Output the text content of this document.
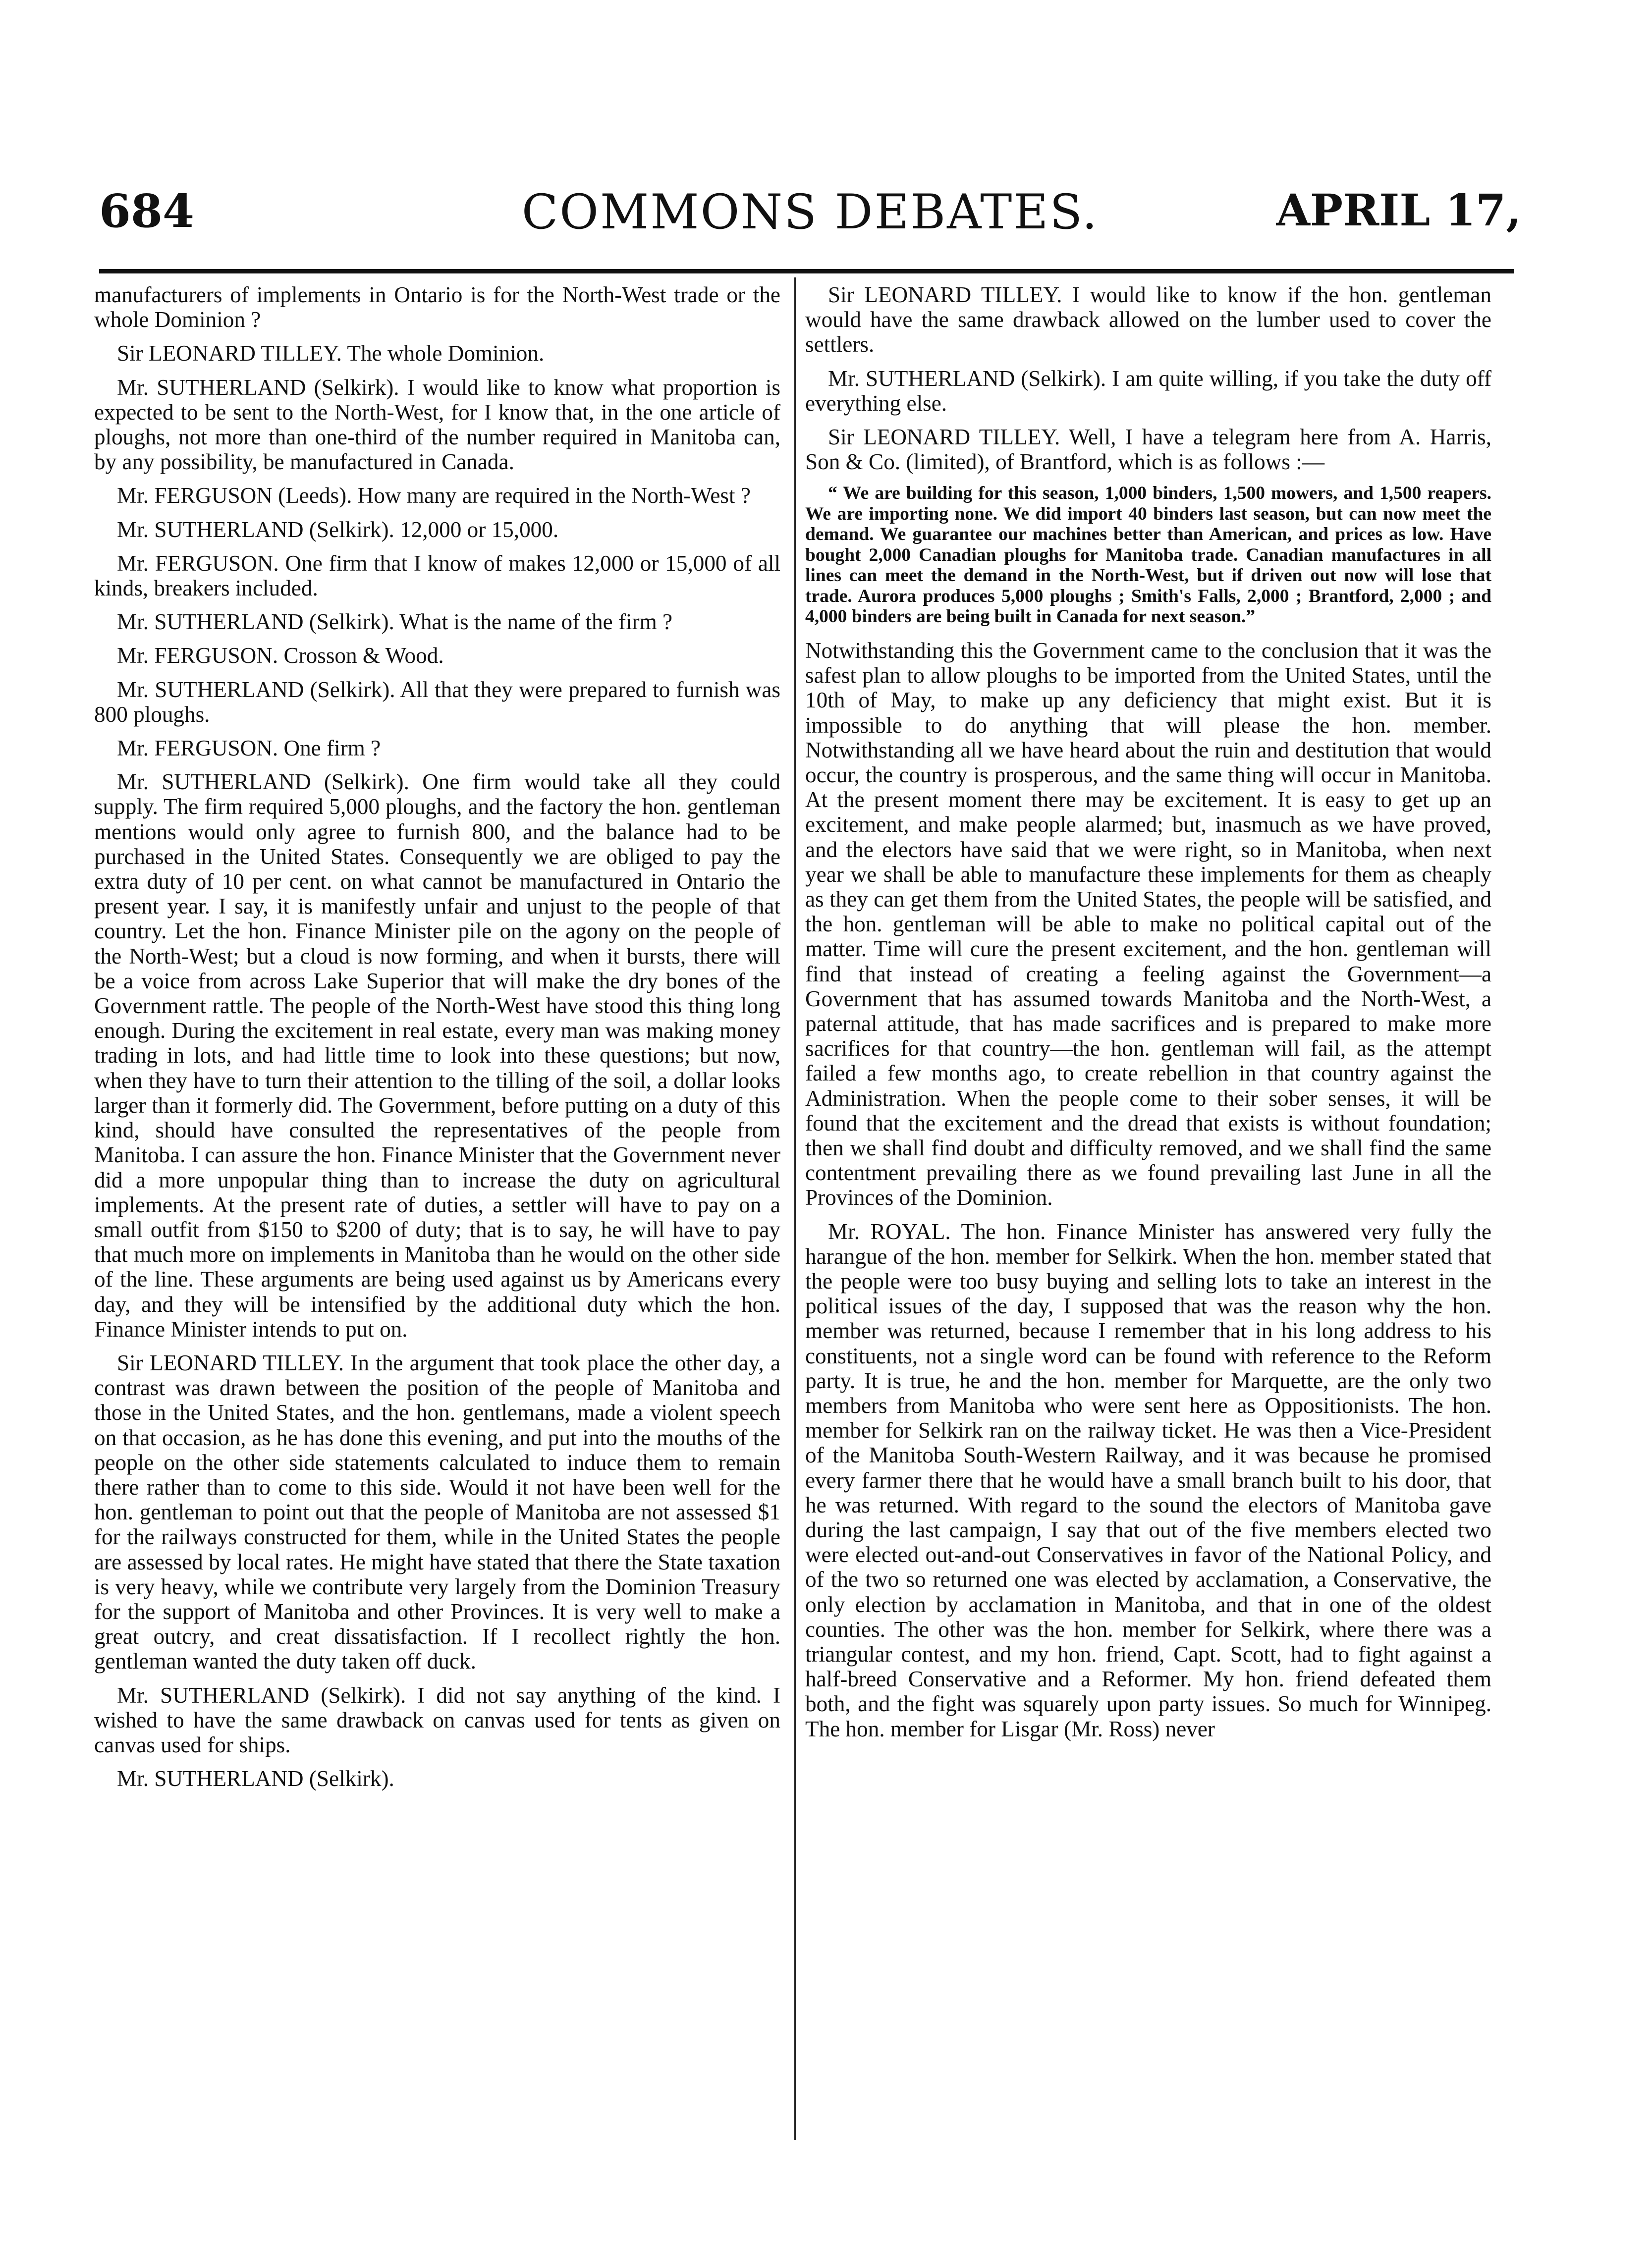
684	COMMONS DEBATES.	APRIL 17,

manufacturers of implements in Ontario is for the North-West trade or the whole Dominion ?

Sir LEONARD TILLEY. The whole Dominion.

Mr. SUTHERLAND (Selkirk). I would like to know what proportion is expected to be sent to the North-West, for I know that, in the one article of ploughs, not more than one-third of the number required in Manitoba can, by any possibility, be manufactured in Canada.

Mr. FERGUSON (Leeds). How many are required in the North-West ?

Mr. SUTHERLAND (Selkirk). 12,000 or 15,000.

Mr. FERGUSON. One firm that I know of makes 12,000 or 15,000 of all kinds, breakers included.

Mr. SUTHERLAND (Selkirk). What is the name of the firm ?

Mr. FERGUSON. Crosson & Wood.

Mr. SUTHERLAND (Selkirk). All that they were prepared to furnish was 800 ploughs.

Mr. FERGUSON. One firm ?

Mr. SUTHERLAND (Selkirk). One firm would take all they could supply. The firm required 5,000 ploughs, and the factory the hon. gentleman mentions would only agree to furnish 800, and the balance had to be purchased in the United States. Consequently we are obliged to pay the extra duty of 10 per cent. on what cannot be manufactured in Ontario the present year. I say, it is manifestly unfair and unjust to the people of that country. Let the hon. Finance Minister pile on the agony on the people of the North-West; but a cloud is now forming, and when it bursts, there will be a voice from across Lake Superior that will make the dry bones of the Government rattle. The people of the North-West have stood this thing long enough. During the excitement in real estate, every man was making money trading in lots, and had little time to look into these questions; but now, when they have to turn their attention to the tilling of the soil, a dollar looks larger than it formerly did. The Government, before putting on a duty of this kind, should have consulted the representatives of the people from Manitoba. I can assure the hon. Finance Minister that the Government never did a more unpopular thing than to increase the duty on agricultural implements. At the present rate of duties, a settler will have to pay on a small outfit from $150 to $200 of duty; that is to say, he will have to pay that much more on implements in Manitoba than he would on the other side of the line. These arguments are being used against us by Americans every day, and they will be intensified by the additional duty which the hon. Finance Minister intends to put on.

Sir LEONARD TILLEY. In the argument that took place the other day, a contrast was drawn between the position of the people of Manitoba and those in the United States, and the hon. gentlemans, made a violent speech on that occasion, as he has done this evening, and put into the mouths of the people on the other side statements calculated to induce them to remain there rather than to come to this side. Would it not have been well for the hon. gentleman to point out that the people of Manitoba are not assessed $1 for the railways constructed for them, while in the United States the people are assessed by local rates. He might have stated that there the State taxation is very heavy, while we contribute very largely from the Dominion Treasury for the support of Manitoba and other Provinces. It is very well to make a great outcry, and creat dissatisfaction. If I recollect rightly the hon. gentleman wanted the duty taken off duck.

Mr. SUTHERLAND (Selkirk). I did not say anything of the kind. I wished to have the same drawback on canvas used for tents as given on canvas used for ships.

Mr. SUTHERLAND (Selkirk).

Sir LEONARD TILLEY. I would like to know if the hon. gentleman would have the same drawback allowed on the lumber used to cover the settlers.

Mr. SUTHERLAND (Selkirk). I am quite willing, if you take the duty off everything else.

Sir LEONARD TILLEY. Well, I have a telegram here from A. Harris, Son & Co. (limited), of Brantford, which is as follows :—

“ We are building for this season, 1,000 binders, 1,500 mowers, and 1,500 reapers. We are importing none. We did import 40 binders last season, but can now meet the demand. We guarantee our machines better than American, and prices as low. Have bought 2,000 Canadian ploughs for Manitoba trade. Canadian manufactures in all lines can meet the demand in the North-West, but if driven out now will lose that trade. Aurora produces 5,000 ploughs ; Smith's Falls, 2,000 ; Brantford, 2,000 ; and 4,000 binders are being built in Canada for next season.”

Notwithstanding this the Government came to the conclusion that it was the safest plan to allow ploughs to be imported from the United States, until the 10th of May, to make up any deficiency that might exist. But it is impossible to do anything that will please the hon. member. Notwithstanding all we have heard about the ruin and destitution that would occur, the country is prosperous, and the same thing will occur in Manitoba. At the present moment there may be excitement. It is easy to get up an excitement, and make people alarmed; but, inasmuch as we have proved, and the electors have said that we were right, so in Manitoba, when next year we shall be able to manufacture these implements for them as cheaply as they can get them from the United States, the people will be satisfied, and the hon. gentleman will be able to make no political capital out of the matter. Time will cure the present excitement, and the hon. gentleman will find that instead of creating a feeling against the Government—a Government that has assumed towards Manitoba and the North-West, a paternal attitude, that has made sacrifices and is prepared to make more sacrifices for that country—the hon. gentleman will fail, as the attempt failed a few months ago, to create rebellion in that country against the Administration. When the people come to their sober senses, it will be found that the excitement and the dread that exists is without foundation; then we shall find doubt and difficulty removed, and we shall find the same contentment prevailing there as we found prevailing last June in all the Provinces of the Dominion.

Mr. ROYAL. The hon. Finance Minister has answered very fully the harangue of the hon. member for Selkirk. When the hon. member stated that the people were too busy buying and selling lots to take an interest in the political issues of the day, I supposed that was the reason why the hon. member was returned, because I remember that in his long address to his constituents, not a single word can be found with reference to the Reform party. It is true, he and the hon. member for Marquette, are the only two members from Manitoba who were sent here as Oppositionists. The hon. member for Selkirk ran on the railway ticket. He was then a Vice-President of the Manitoba South-Western Railway, and it was because he promised every farmer there that he would have a small branch built to his door, that he was returned. With regard to the sound the electors of Manitoba gave during the last campaign, I say that out of the five members elected two were elected out-and-out Conservatives in favor of the National Policy, and of the two so returned one was elected by acclamation, a Conservative, the only election by acclamation in Manitoba, and that in one of the oldest counties. The other was the hon. member for Selkirk, where there was a triangular contest, and my hon. friend, Capt. Scott, had to fight against a half-breed Conservative and a Reformer. My hon. friend defeated them both, and the fight was squarely upon party issues. So much for Winnipeg. The hon. member for Lisgar (Mr. Ross) never
